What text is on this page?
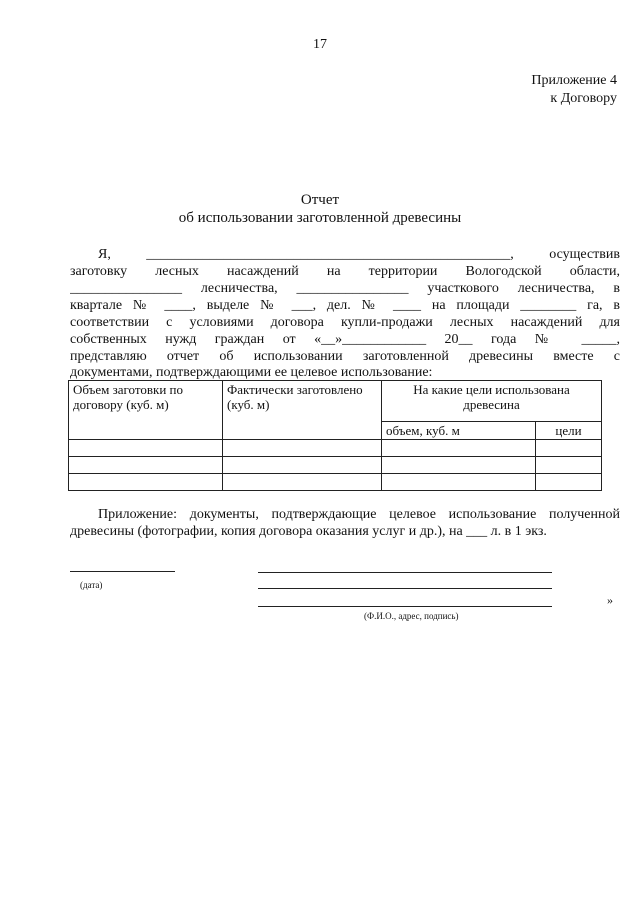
17
Приложение 4
к Договору
Отчет
об использовании заготовленной древесины
Я, ____________________________________________________, осуществив
заготовку лесных насаждений на территории Вологодской области,
________________ лесничества, ________________ участкового лесничества, в
квартале № ____, выделе № ___, дел. № ____ на площади ________ га, в
соответствии с условиями договора купли-продажи лесных насаждений для
собственных нужд граждан от «__»____________ 20__ года № _____,
представляю отчет об использовании заготовленной древесины вместе с
документами, подтверждающими ее целевое использование:
Объем заготовки по договору (куб. м)	Фактически заготовлено (куб. м)	На какие цели использована древесина	
		объем, куб. м	цели

Приложение: документы, подтверждающие целевое использование полученной
древесины (фотографии, копия договора оказания услуг и др.), на ___ л. в 1 экз.
(дата)
(Ф.И.О., адрес, подпись)
»
